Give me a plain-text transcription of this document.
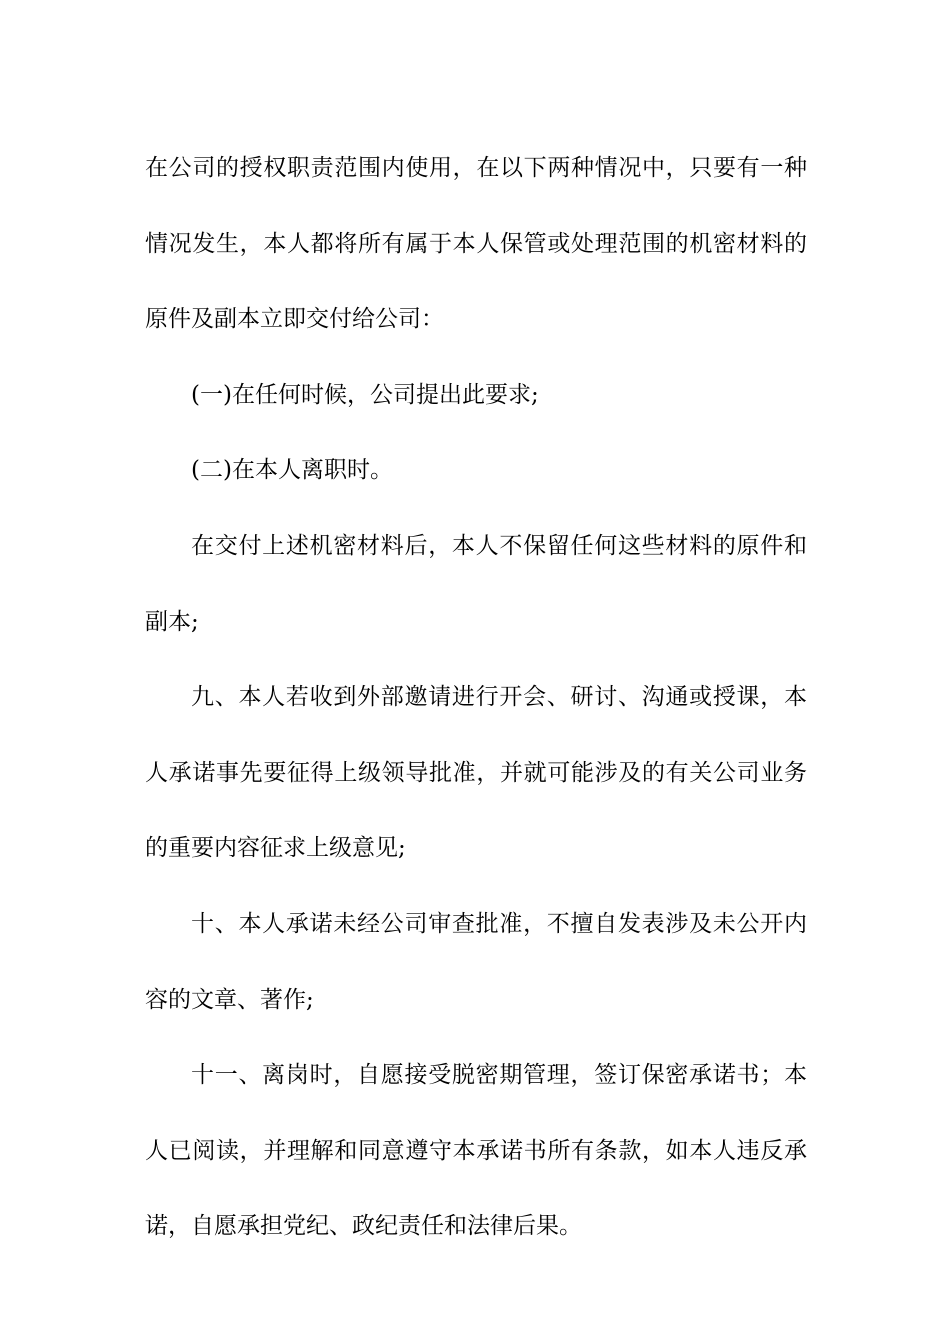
在公司的授权职责范围内使用，在以下两种情况中，只要有一种情况发生，本人都将所有属于本人保管或处理范围的机密材料的原件及副本立即交付给公司：

(一)在任何时候，公司提出此要求;

(二)在本人离职时。

在交付上述机密材料后，本人不保留任何这些材料的原件和副本;

九、本人若收到外部邀请进行开会、研讨、沟通或授课，本人承诺事先要征得上级领导批准，并就可能涉及的有关公司业务的重要内容征求上级意见;

十、本人承诺未经公司审查批准，不擅自发表涉及未公开内容的文章、著作;

十一、离岗时，自愿接受脱密期管理，签订保密承诺书；本人已阅读，并理解和同意遵守本承诺书所有条款，如本人违反承诺，自愿承担党纪、政纪责任和法律后果。
